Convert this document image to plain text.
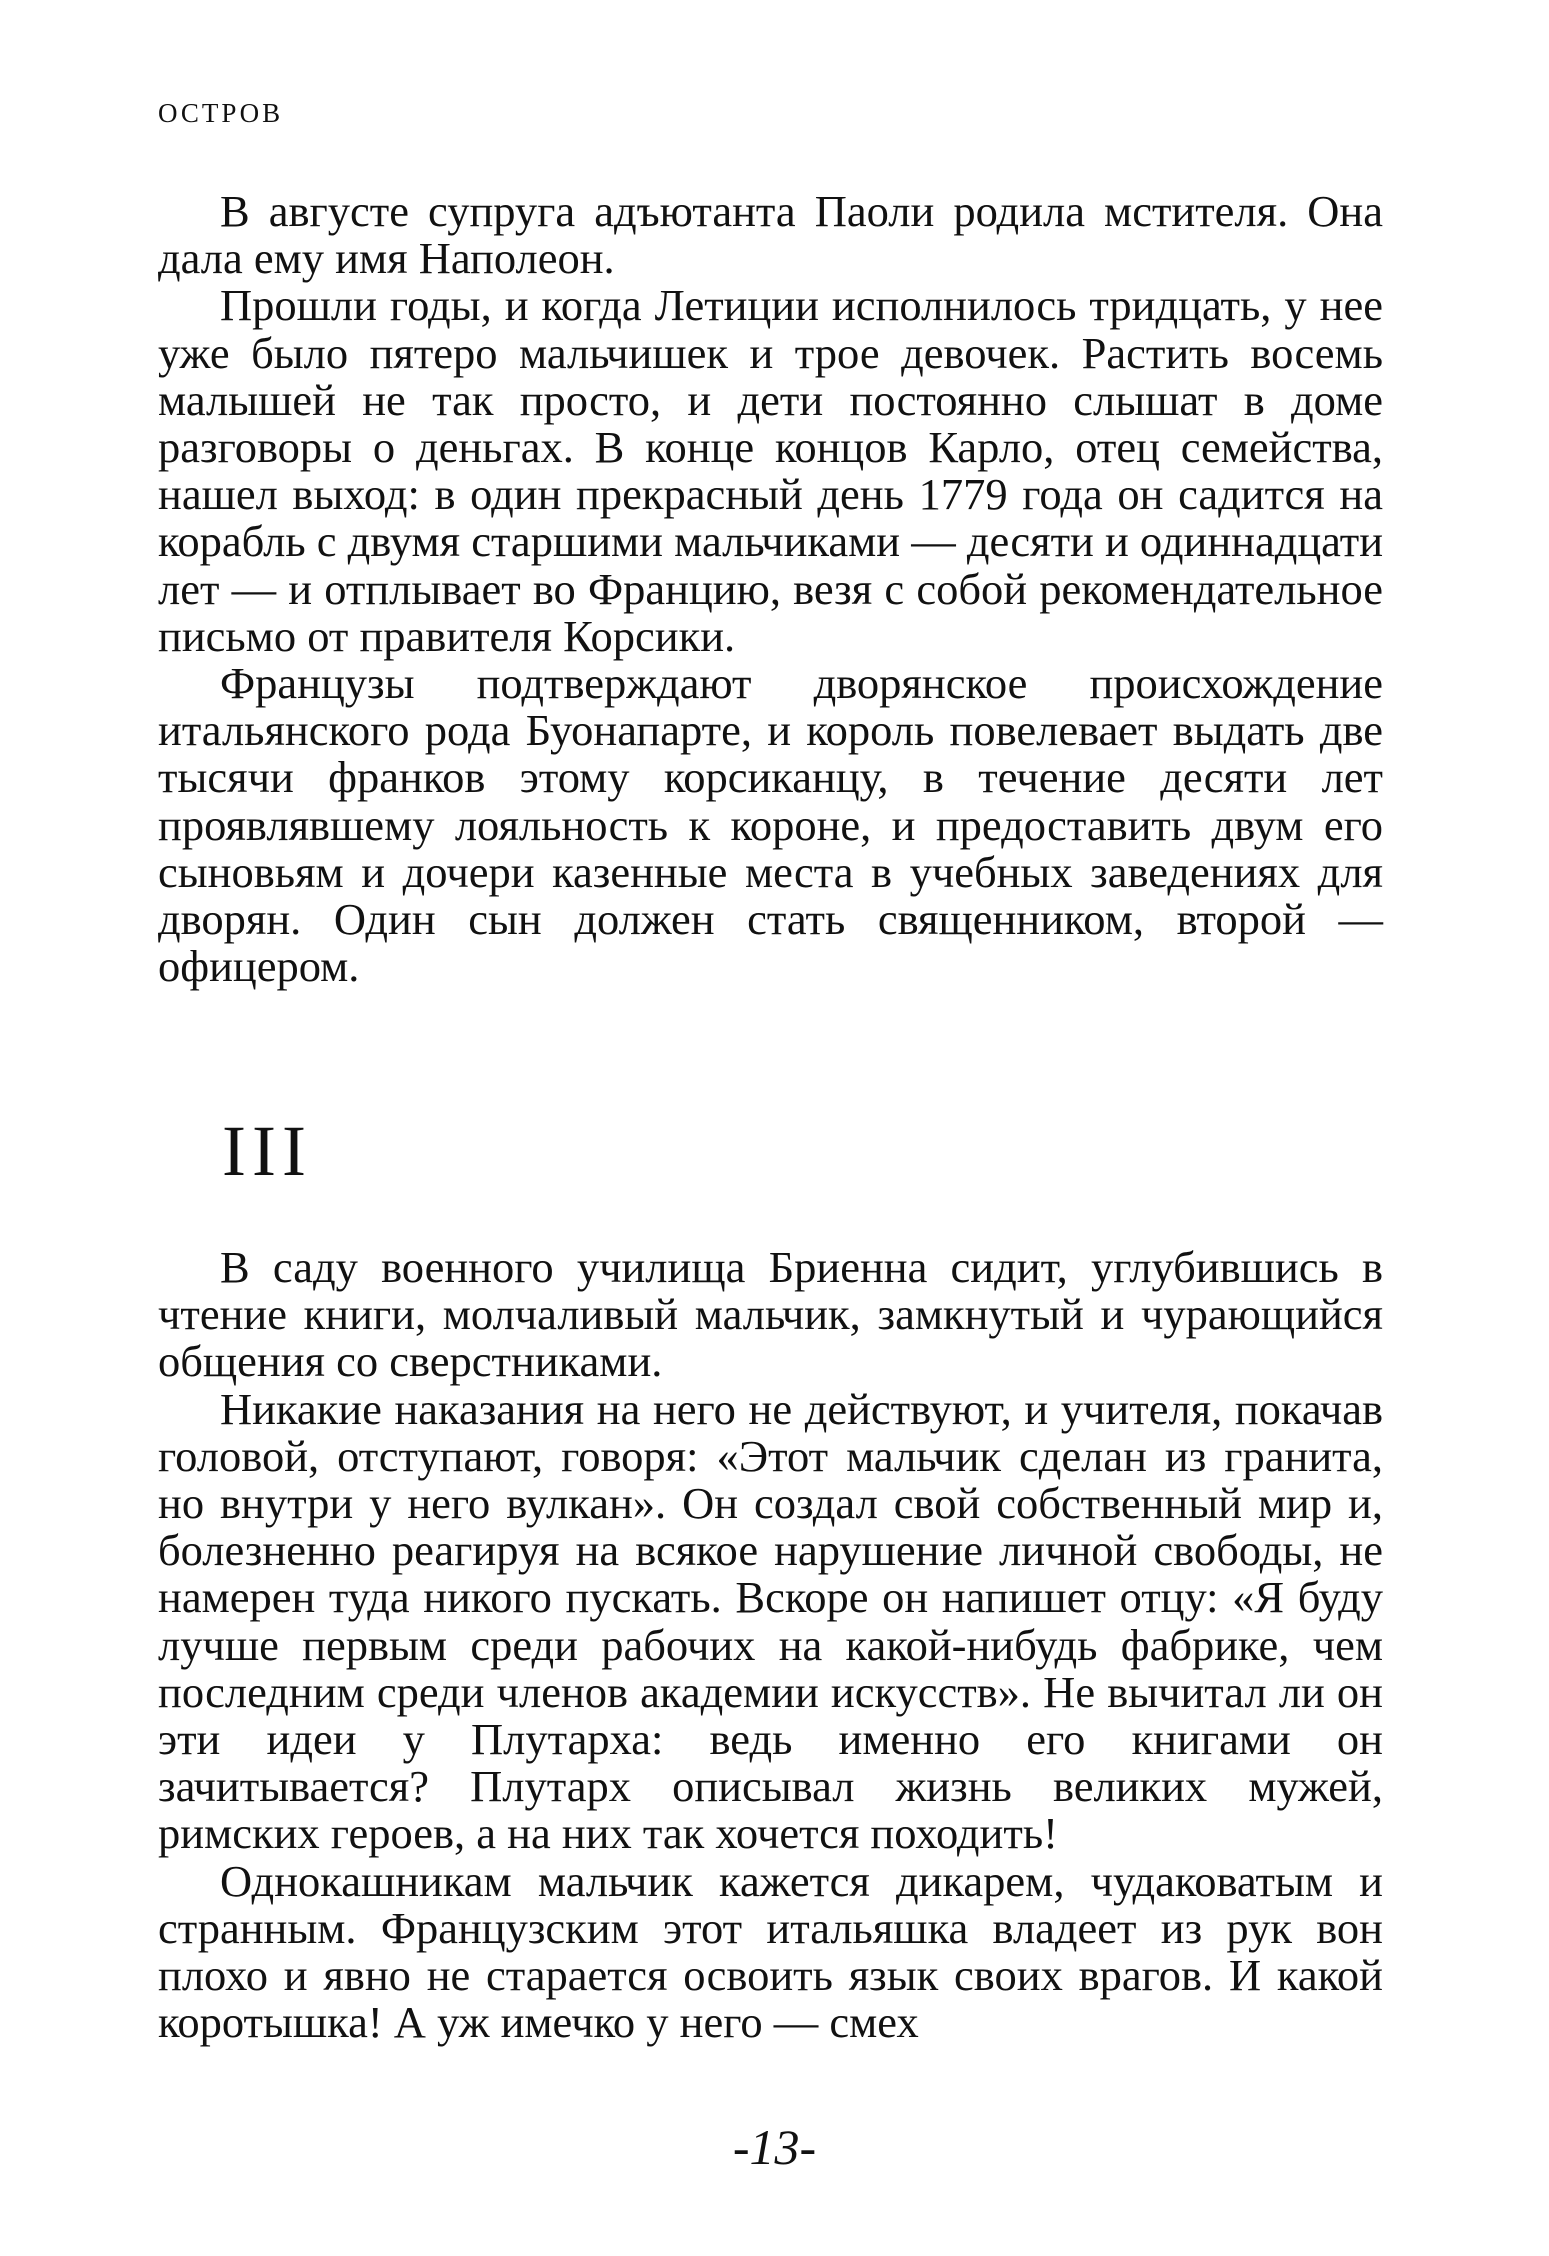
ОСТРОВ

В августе супруга адъютанта Паоли родила мстителя. Она дала ему имя Наполеон.

Прошли годы, и когда Летиции исполнилось тридцать, у нее уже было пятеро мальчишек и трое девочек. Растить восемь малышей не так просто, и дети постоянно слышат в доме разговоры о деньгах. В конце концов Карло, отец семейства, нашел выход: в один прекрасный день 1779 года он садится на корабль с двумя старшими мальчиками — десяти и одиннадцати лет — и отплывает во Францию, везя с собой рекомендательное письмо от правителя Корсики.

Французы подтверждают дворянское происхождение итальянского рода Буонапарте, и король повелевает выдать две тысячи франков этому корсиканцу, в течение десяти лет проявлявшему лояльность к короне, и предоставить двум его сыновьям и дочери казенные места в учебных заведениях для дворян. Один сын должен стать священником, второй — офицером.

III

В саду военного училища Бриенна сидит, углубившись в чтение книги, молчаливый мальчик, замкнутый и чурающийся общения со сверстниками.

Никакие наказания на него не действуют, и учителя, покачав головой, отступают, говоря: «Этот мальчик сделан из гранита, но внутри у него вулкан». Он создал свой собственный мир и, болезненно реагируя на всякое нарушение личной свободы, не намерен туда никого пускать. Вскоре он напишет отцу: «Я буду лучше первым среди рабочих на какой-нибудь фабрике, чем последним среди членов академии искусств». Не вычитал ли он эти идеи у Плутарха: ведь именно его книгами он зачитывается? Плутарх описывал жизнь великих мужей, римских героев, а на них так хочется походить!

Однокашникам мальчик кажется дикарем, чудаковатым и странным. Французским этот итальяшка владеет из рук вон плохо и явно не старается освоить язык своих врагов. И какой коротышка! А уж имечко у него — смех

-13-
